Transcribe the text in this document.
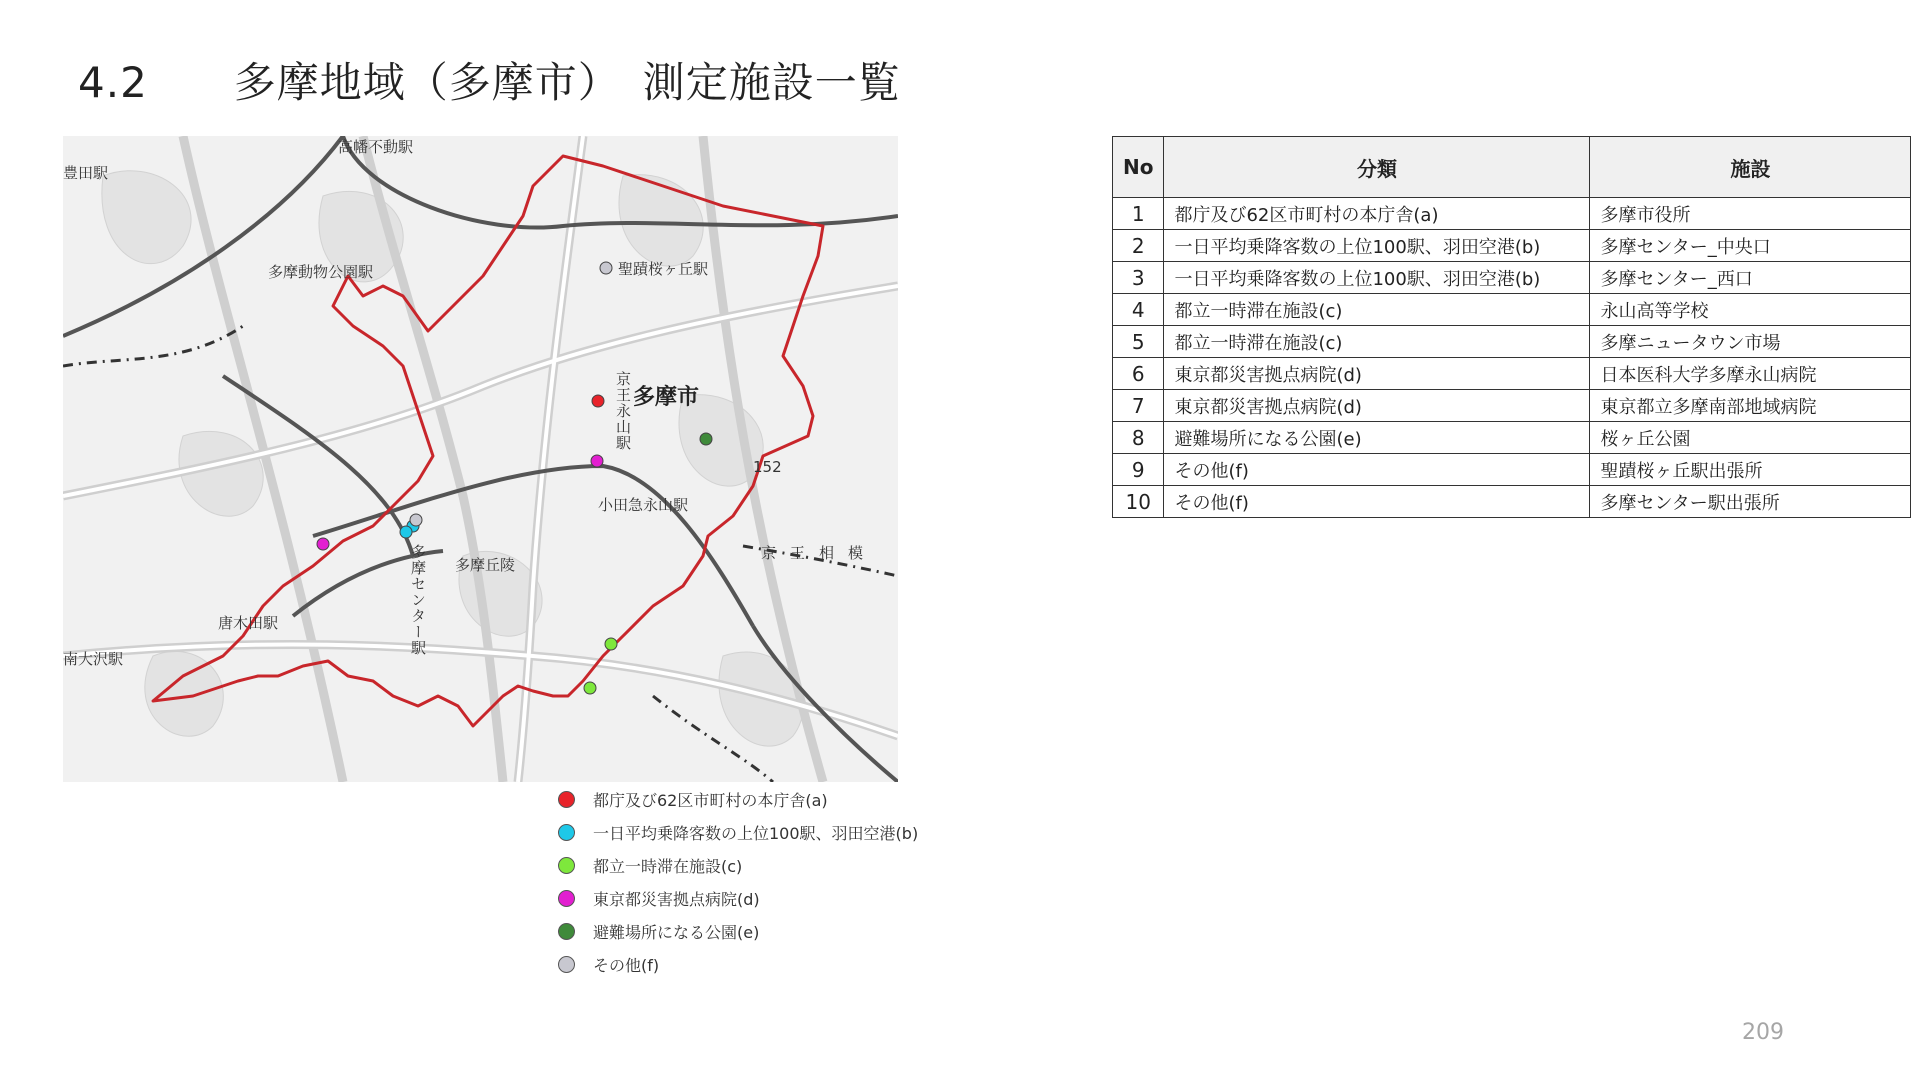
4.2　　多摩地域（多摩市）　測定施設一覧
高幡不動駅
豊田駅
多摩動物公園駅	聖蹟桜ヶ丘駅
多摩市
京王永山駅
小田急永山駅
152
多摩丘陵
多摩センター駅
唐木田駅
南大沢駅
京王相模
都庁及び62区市町村の本庁舎(a)
一日平均乗降客数の上位100駅、羽田空港(b)
都立一時滞在施設(c)
東京都災害拠点病院(d)
避難場所になる公園(e)
その他(f)
No	分類	施設
1	都庁及び62区市町村の本庁舎(a)	多摩市役所
2	一日平均乗降客数の上位100駅、羽田空港(b)	多摩センター_中央口
3	一日平均乗降客数の上位100駅、羽田空港(b)	多摩センター_西口
4	都立一時滞在施設(c)	永山高等学校
5	都立一時滞在施設(c)	多摩ニュータウン市場
6	東京都災害拠点病院(d)	日本医科大学多摩永山病院
7	東京都災害拠点病院(d)	東京都立多摩南部地域病院
8	避難場所になる公園(e)	桜ヶ丘公園
9	その他(f)	聖蹟桜ヶ丘駅出張所
10	その他(f)	多摩センター駅出張所
209
